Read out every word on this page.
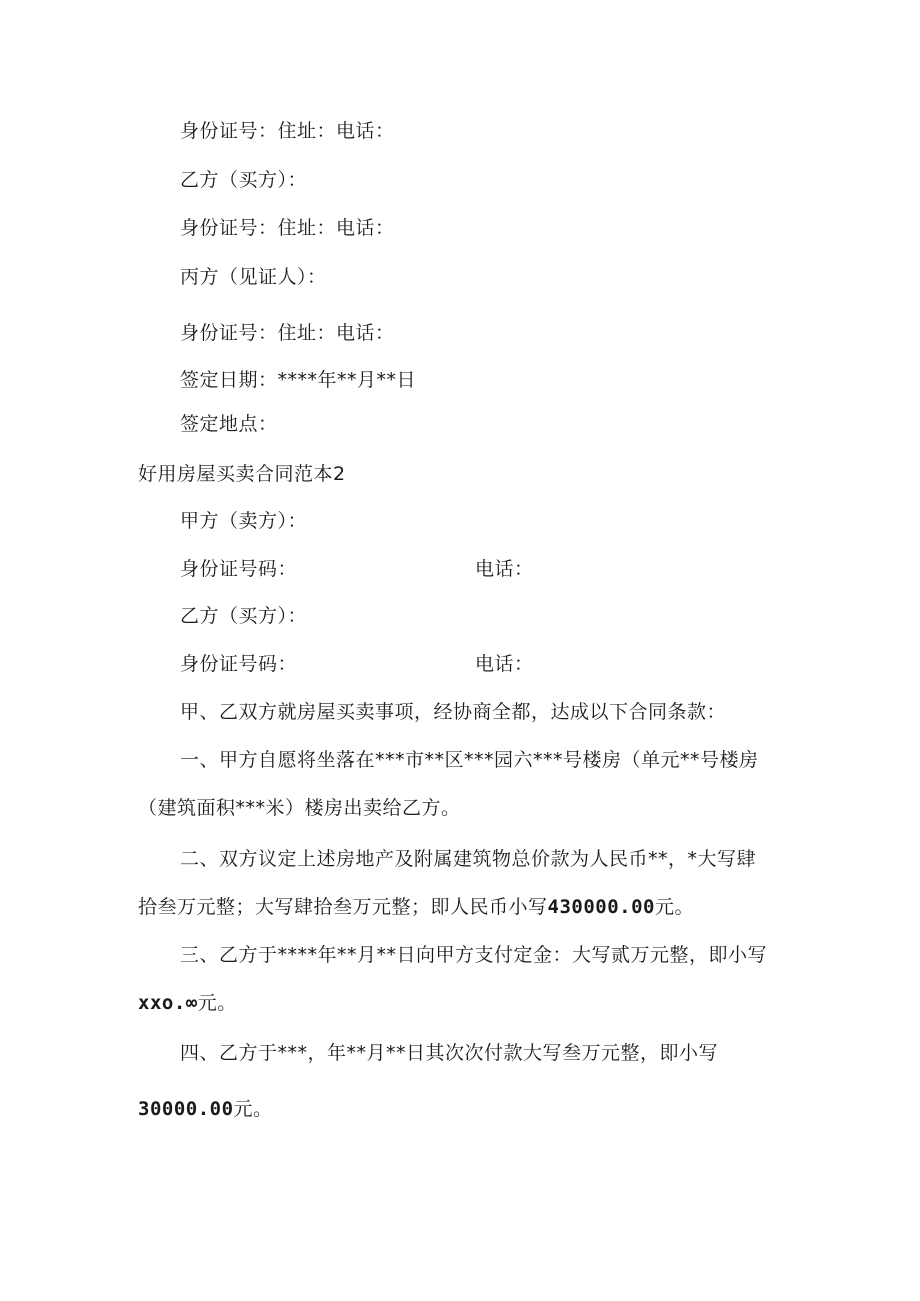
身份证号：住址：电话：
乙方（买方）：
身份证号：住址：电话：
丙方（见证人）：
身份证号：住址：电话：
签定日期：****年**月**日
签定地点：
好用房屋买卖合同范本2
甲方（卖方）：
身份证号码：	电话：
乙方（买方）：
身份证号码：	电话：
甲、乙双方就房屋买卖事项，经协商全都，达成以下合同条款：
一、甲方自愿将坐落在***市**区***园六***号楼房（单元**号楼房
（建筑面积***米）楼房出卖给乙方。
二、双方议定上述房地产及附属建筑物总价款为人民币**，*大写肆
拾叁万元整；大写肆拾叁万元整；即人民币小写430000.00元。
三、乙方于****年**月**日向甲方支付定金：大写贰万元整，即小写
xxo.∞元。
四、乙方于***，年**月**日其次次付款大写叁万元整，即小写
30000.00元。
